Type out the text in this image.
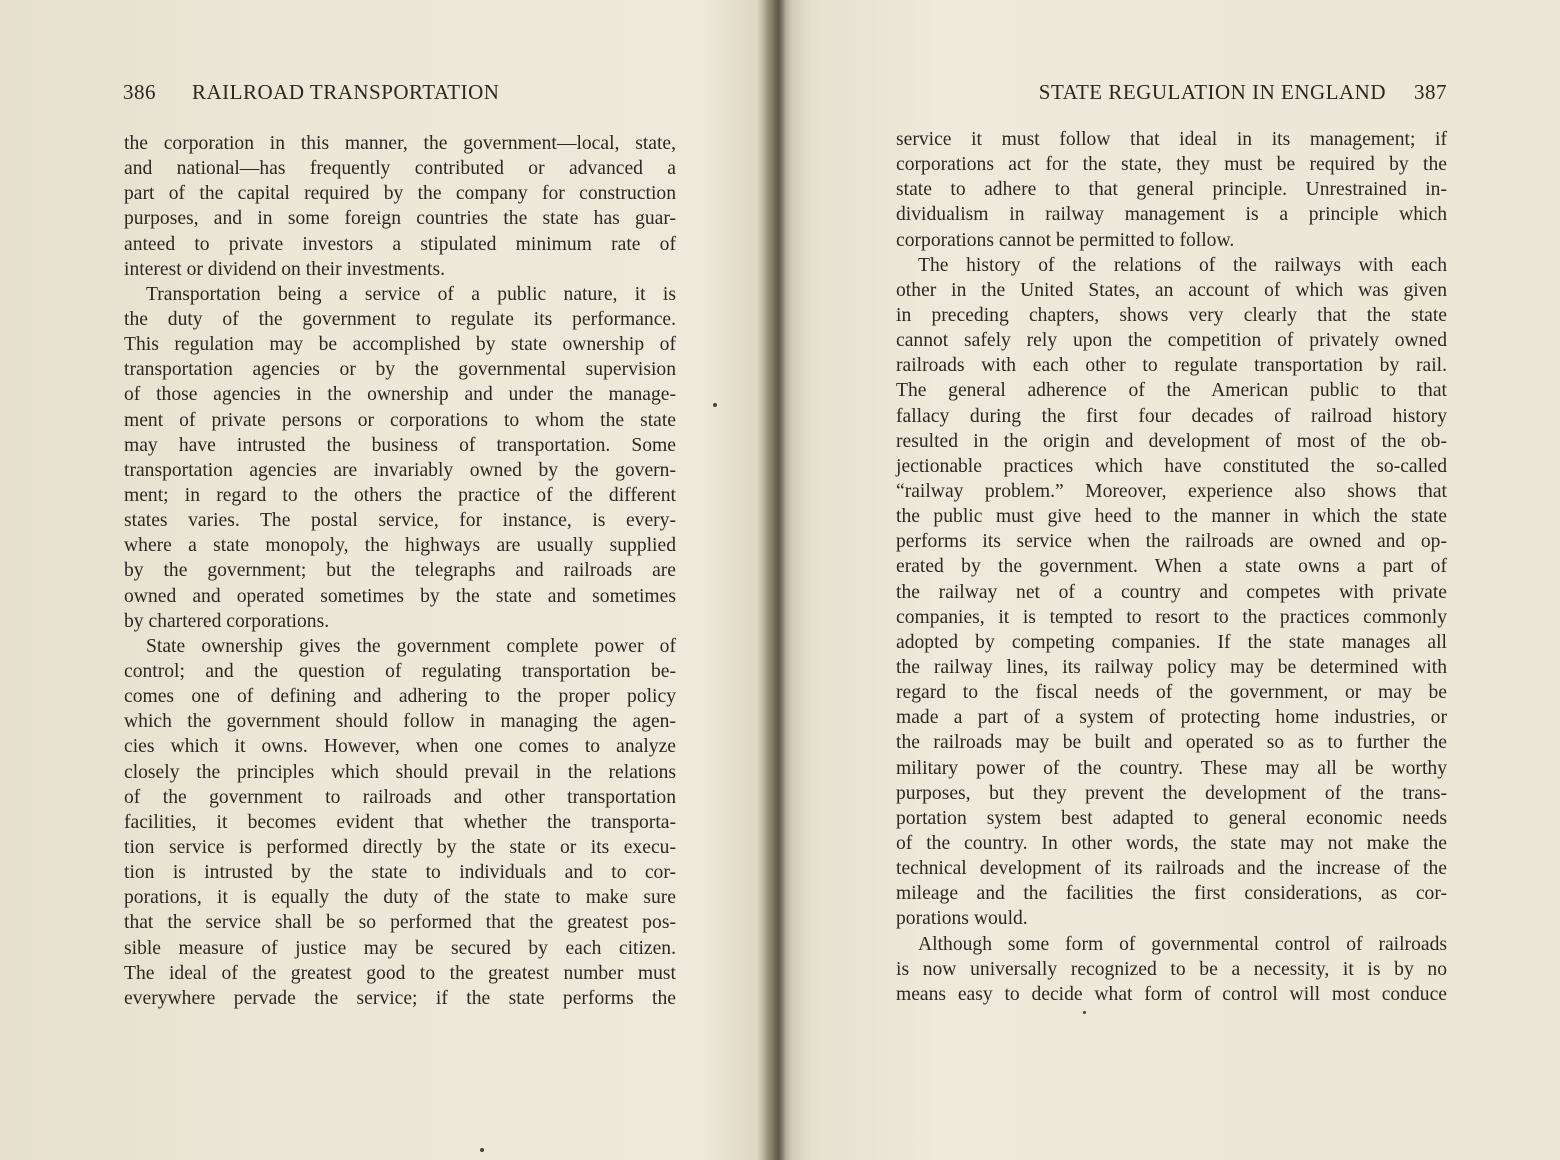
386 RAILROAD TRANSPORTATION
the corporation in this manner, the government—local, state,
and national—has frequently contributed or advanced a
part of the capital required by the company for construction
purposes, and in some foreign countries the state has guar-
anteed to private investors a stipulated minimum rate of
interest or dividend on their investments.
Transportation being a service of a public nature, it is
the duty of the government to regulate its performance.
This regulation may be accomplished by state ownership of
transportation agencies or by the governmental supervision
of those agencies in the ownership and under the manage-
ment of private persons or corporations to whom the state
may have intrusted the business of transportation. Some
transportation agencies are invariably owned by the govern-
ment; in regard to the others the practice of the different
states varies. The postal service, for instance, is every-
where a state monopoly, the highways are usually supplied
by the government; but the telegraphs and railroads are
owned and operated sometimes by the state and sometimes
by chartered corporations.
State ownership gives the government complete power of
control; and the question of regulating transportation be-
comes one of defining and adhering to the proper policy
which the government should follow in managing the agen-
cies which it owns. However, when one comes to analyze
closely the principles which should prevail in the relations
of the government to railroads and other transportation
facilities, it becomes evident that whether the transporta-
tion service is performed directly by the state or its execu-
tion is intrusted by the state to individuals and to cor-
porations, it is equally the duty of the state to make sure
that the service shall be so performed that the greatest pos-
sible measure of justice may be secured by each citizen.
The ideal of the greatest good to the greatest number must
everywhere pervade the service; if the state performs the
STATE REGULATION IN ENGLAND 387
service it must follow that ideal in its management; if
corporations act for the state, they must be required by the
state to adhere to that general principle. Unrestrained in-
dividualism in railway management is a principle which
corporations cannot be permitted to follow.
The history of the relations of the railways with each
other in the United States, an account of which was given
in preceding chapters, shows very clearly that the state
cannot safely rely upon the competition of privately owned
railroads with each other to regulate transportation by rail.
The general adherence of the American public to that
fallacy during the first four decades of railroad history
resulted in the origin and development of most of the ob-
jectionable practices which have constituted the so-called
“railway problem.” Moreover, experience also shows that
the public must give heed to the manner in which the state
performs its service when the railroads are owned and op-
erated by the government. When a state owns a part of
the railway net of a country and competes with private
companies, it is tempted to resort to the practices commonly
adopted by competing companies. If the state manages all
the railway lines, its railway policy may be determined with
regard to the fiscal needs of the government, or may be
made a part of a system of protecting home industries, or
the railroads may be built and operated so as to further the
military power of the country. These may all be worthy
purposes, but they prevent the development of the trans-
portation system best adapted to general economic needs
of the country. In other words, the state may not make the
technical development of its railroads and the increase of the
mileage and the facilities the first considerations, as cor-
porations would.
Although some form of governmental control of railroads
is now universally recognized to be a necessity, it is by no
means easy to decide what form of control will most conduce
